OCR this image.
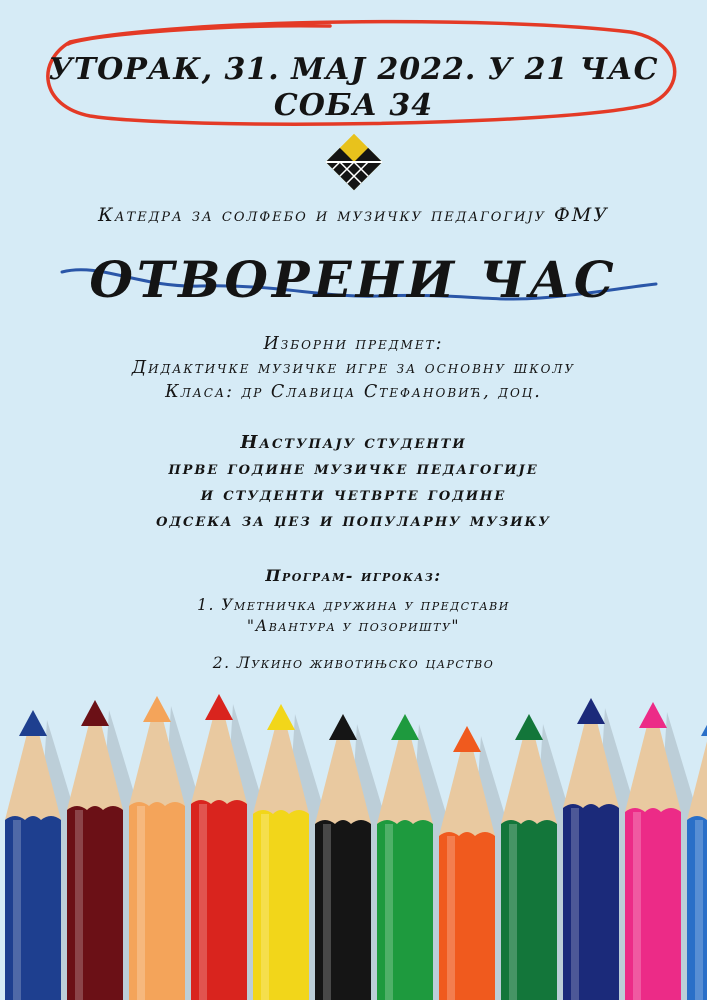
УТОРАК, 31. МАЈ 2022. У 21 ЧАС
СОБА 34
Катедра за солфебо и музичку педагогију ФМУ
ОТВОРЕНИ ЧАС
Изборни предмет:
Дидактичке музичке игре за основну школу
Класа: др Славица Стефановић, доц.
Наступају студенти
прве године музичке педагогије
и студенти четврте године
одсека за џез и популарну музику
Програм- игроказ:
1. Уметничка дружина у представи
"Авантура у позоришту"
2. Лукино животињско царство
